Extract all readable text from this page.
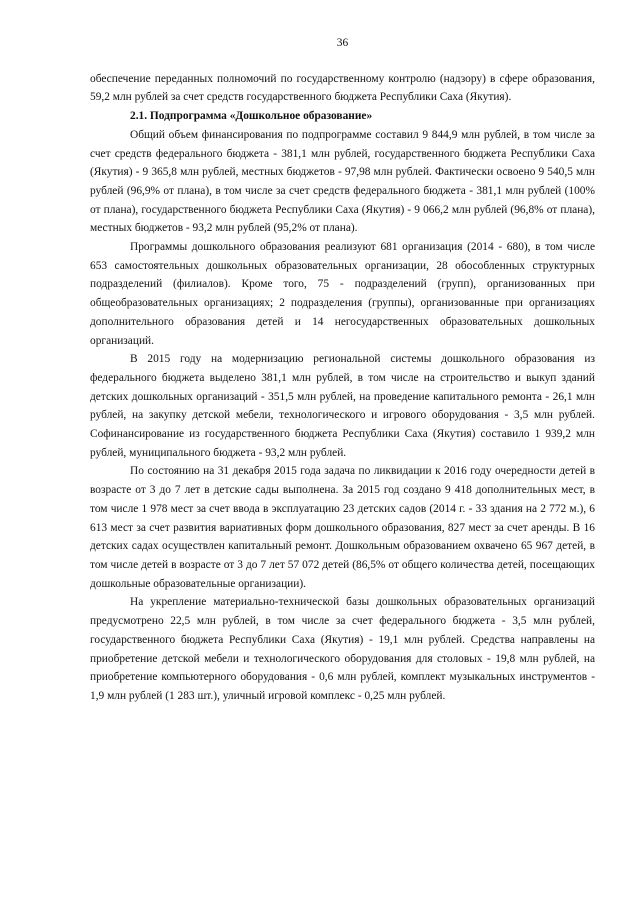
36

обеспечение переданных полномочий по государственному контролю (надзору) в сфере образования, 59,2 млн рублей за счет средств государственного бюджета Республики Саха (Якутия).

2.1. Подпрограмма «Дошкольное образование»

Общий объем финансирования по подпрограмме составил 9 844,9 млн рублей, в том числе за счет средств федерального бюджета - 381,1 млн рублей, государственного бюджета Республики Саха (Якутия) - 9 365,8 млн рублей, местных бюджетов - 97,98 млн рублей. Фактически освоено 9 540,5 млн рублей (96,9% от плана), в том числе за счет средств федерального бюджета - 381,1 млн рублей (100% от плана), государственного бюджета Республики Саха (Якутия) - 9 066,2 млн рублей (96,8% от плана), местных бюджетов - 93,2 млн рублей (95,2% от плана).

Программы дошкольного образования реализуют 681 организация (2014 - 680), в том числе 653 самостоятельных дошкольных образовательных организации, 28 обособленных структурных подразделений (филиалов). Кроме того, 75 - подразделений (групп), организованных при общеобразовательных организациях; 2 подразделения (группы), организованные при организациях дополнительного образования детей и 14 негосударственных образовательных дошкольных организаций.

В 2015 году на модернизацию региональной системы дошкольного образования из федерального бюджета выделено 381,1 млн рублей, в том числе на строительство и выкуп зданий детских дошкольных организаций - 351,5 млн рублей, на проведение капитального ремонта - 26,1 млн рублей, на закупку детской мебели, технологического и игрового оборудования - 3,5 млн рублей. Софинансирование из государственного бюджета Республики Саха (Якутия) составило 1 939,2 млн рублей, муниципального бюджета - 93,2 млн рублей.

По состоянию на 31 декабря 2015 года задача по ликвидации к 2016 году очередности детей в возрасте от 3 до 7 лет в детские сады выполнена. За 2015 год создано 9 418 дополнительных мест, в том числе 1 978 мест за счет ввода в эксплуатацию 23 детских садов (2014 г. - 33 здания на 2 772 м.), 6 613 мест за счет развития вариативных форм дошкольного образования, 827 мест за счет аренды. В 16 детских садах осуществлен капитальный ремонт. Дошкольным образованием охвачено 65 967 детей, в том числе детей в возрасте от 3 до 7 лет 57 072 детей (86,5% от общего количества детей, посещающих дошкольные образовательные организации).

На укрепление материально-технической базы дошкольных образовательных организаций предусмотрено 22,5 млн рублей, в том числе за счет федерального бюджета - 3,5 млн рублей, государственного бюджета Республики Саха (Якутия) - 19,1 млн рублей. Средства направлены на приобретение детской мебели и технологического оборудования для столовых - 19,8 млн рублей, на приобретение компьютерного оборудования - 0,6 млн рублей, комплект музыкальных инструментов - 1,9 млн рублей (1 283 шт.), уличный игровой комплекс - 0,25 млн рублей.
